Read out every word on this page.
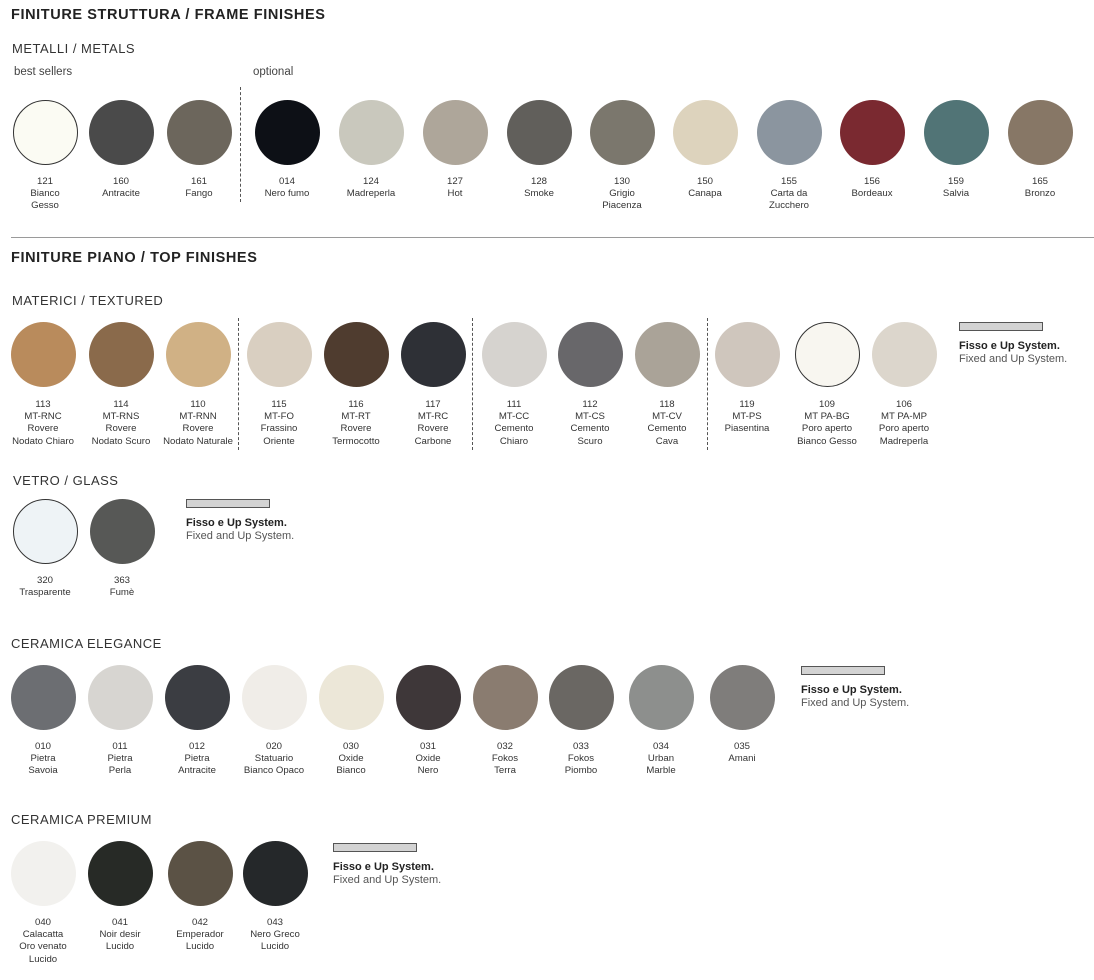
FINITURE STRUTTURA / FRAME FINISHES
METALLI / METALS
best sellers	optional
121
Bianco
Gesso
160
Antracite
161
Fango
014
Nero fumo
124
Madreperla
127
Hot
128
Smoke
130
Grigio
Piacenza
150
Canapa
155
Carta da
Zucchero
156
Bordeaux
159
Salvia
165
Bronzo
FINITURE PIANO / TOP FINISHES
MATERICI / TEXTURED
113
MT-RNC
Rovere
Nodato Chiaro
114
MT-RNS
Rovere
Nodato Scuro
110
MT-RNN
Rovere
Nodato Naturale
115
MT-FO
Frassino
Oriente
116
MT-RT
Rovere
Termocotto
117
MT-RC
Rovere
Carbone
111
MT-CC
Cemento
Chiaro
112
MT-CS
Cemento
Scuro
118
MT-CV
Cemento
Cava
119
MT-PS
Piasentina
109
MT PA-BG
Poro aperto
Bianco Gesso
106
MT PA-MP
Poro aperto
Madreperla
Fisso e Up System.
Fixed and Up System.
VETRO / GLASS
320
Trasparente
363
Fumè
Fisso e Up System.
Fixed and Up System.
CERAMICA ELEGANCE
010
Pietra
Savoia
011
Pietra
Perla
012
Pietra
Antracite
020
Statuario
Bianco Opaco
030
Oxide
Bianco
031
Oxide
Nero
032
Fokos
Terra
033
Fokos
Piombo
034
Urban
Marble
035
Amani
Fisso e Up System.
Fixed and Up System.
CERAMICA PREMIUM
040
Calacatta
Oro venato
Lucido
041
Noir desir
Lucido
042
Emperador
Lucido
043
Nero Greco
Lucido
Fisso e Up System.
Fixed and Up System.
